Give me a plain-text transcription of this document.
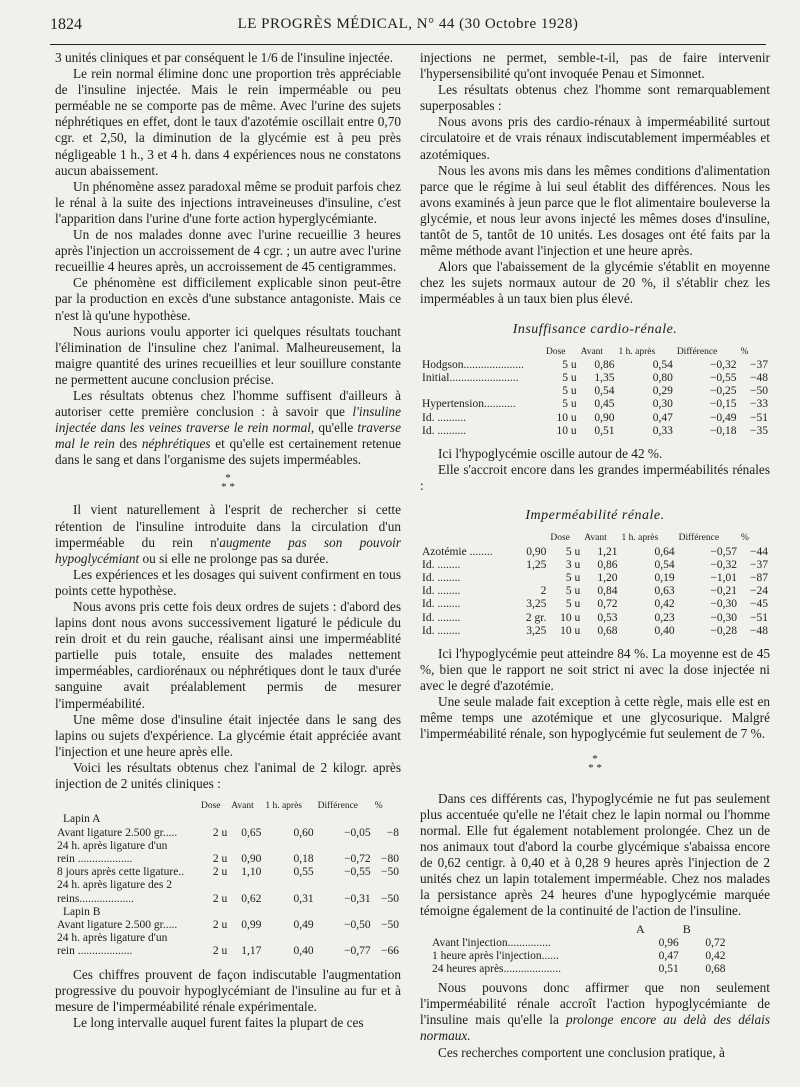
1824	LE PROGRÈS MÉDICAL, N° 44 (30 Octobre 1928)

3 unités cliniques et par conséquent le 1/6 de l'insuline injectée.

Le rein normal élimine donc une proportion très appréciable de l'insuline injectée. Mais le rein imperméable ou peu perméable ne se comporte pas de même. Avec l'urine des sujets néphrétiques en effet, dont le taux d'azotémie oscillait entre 0,70 cgr. et 2,50, la diminution de la glycémie est à peu près négligeable 1 h., 3 et 4 h. dans 4 expériences nous ne constatons aucun abaissement.

Un phénomène assez paradoxal même se produit parfois chez le rénal à la suite des injections intraveineuses d'insuline, c'est l'apparition dans l'urine d'une forte action hyperglycémiante.

Un de nos malades donne avec l'urine recueillie 3 heures après l'injection un accroissement de 4 cgr. ; un autre avec l'urine recueillie 4 heures après, un accroissement de 45 centigrammes.

Ce phénomène est difficilement explicable sinon peut-être par la production en excès d'une substance antagoniste. Mais ce n'est là qu'une hypothèse.

Nous aurions voulu apporter ici quelques résultats touchant l'élimination de l'insuline chez l'animal. Malheureusement, la maigre quantité des urines recueillies et leur souillure constante ne permettent aucune conclusion précise.

Les résultats obtenus chez l'homme suffisent d'ailleurs à autoriser cette première conclusion : à savoir que l'insuline injectée dans les veines traverse le rein normal, qu'elle traverse mal le rein des néphrétiques et qu'elle est certainement retenue dans le sang et dans l'organisme des sujets imperméables.

*
* *

Il vient naturellement à l'esprit de rechercher si cette rétention de l'insuline introduite dans la circulation d'un imperméable du rein n'augmente pas son pouvoir hypoglycémiant ou si elle ne prolonge pas sa durée.

Les expériences et les dosages qui suivent confirment en tous points cette hypothèse.

Nous avons pris cette fois deux ordres de sujets : d'abord des lapins dont nous avons successivement ligaturé le pédicule du rein droit et du rein gauche, réalisant ainsi une imperméablité partielle puis totale, ensuite des malades nettement imperméables, cardiorénaux ou néphrétiques dont le taux d'urée sanguine avait préalablement permis de mesurer l'imperméabilité.

Une même dose d'insuline était injectée dans le sang des lapins ou sujets d'expérience. La glycémie était appréciée avant l'injection et une heure après elle.

Voici les résultats obtenus chez l'animal de 2 kilogr. après injection de 2 unités cliniques :

	Dose	Avant	1 h. après	Différence	%
Lapin A					

Avant ligature 2.500 gr.....	2 u	0,65	0,60	−0,05	−8

24 h. après ligature d'un
rein ...................	2 u	0,90	0,18	−0,72	−80

8 jours après cette ligature..	2 u	1,10	0,55	−0,55	−50

24 h. après ligature des 2
reins...................	2 u	0,62	0,31	−0,31	−50
Lapin B					

Avant ligature 2.500 gr.....	2 u	0,99	0,49	−0,50	−50

24 h. après ligature d'un
rein ...................	2 u	1,17	0,40	−0,77	−66

Ces chiffres prouvent de façon indiscutable l'augmentation progressive du pouvoir hypoglycémiant de l'insuline au fur et à mesure de l'imperméabilité rénale expérimentale.

Le long intervalle auquel furent faites la plupart de ces

injections ne permet, semble-t-il, pas de faire intervenir l'hypersensibilité qu'ont invoquée Penau et Simonnet.

Les résultats obtenus chez l'homme sont remarquablement superposables :

Nous avons pris des cardio-rénaux à imperméabilité surtout circulatoire et de vrais rénaux indiscutablement imperméables et azotémiques.

Nous les avons mis dans les mêmes conditions d'alimentation parce que le régime à lui seul établit des différences. Nous les avons examinés à jeun parce que le flot alimentaire bouleverse la glycémie, et nous leur avons injecté les mêmes doses d'insuline, tantôt de 5, tantôt de 10 unités. Les dosages ont été faits par la même méthode avant l'injection et une heure après.

Alors que l'abaissement de la glycémie s'établit en moyenne chez les sujets normaux autour de 20 %, il s'établir chez les imperméables à un taux bien plus élevé.

Insuffisance cardio-rénale.
	Dose	Avant	1 h. après	Différence	%
Hodgson.....................	5 u	0,86	0,54	−0,32	−37
Initial........................	5 u	1,35	0,80	−0,55	−48
	5 u	0,54	0,29	−0,25	−50
Hypertension...........	5 u	0,45	0,30	−0,15	−33
Id. ..........	10 u	0,90	0,47	−0,49	−51
Id. ..........	10 u	0,51	0,33	−0,18	−35

Ici l'hypoglycémie oscille autour de 42 %.

Elle s'accroit encore dans les grandes imperméabilités rénales :

Imperméabilité rénale.
		Dose	Avant	1 h. après	Différence	%
Azotémie ........	0,90	5 u	1,21	0,64	−0,57	−44
Id. ........	1,25	3 u	0,86	0,54	−0,32	−37
Id. ........		5 u	1,20	0,19	−1,01	−87
Id. ........	2	5 u	0,84	0,63	−0,21	−24
Id. ........	3,25	5 u	0,72	0,42	−0,30	−45
Id. ........	2 gr.	10 u	0,53	0,23	−0,30	−51
Id. ........	3,25	10 u	0,68	0,40	−0,28	−48

Ici l'hypoglycémie peut atteindre 84 %. La moyenne est de 45 %, bien que le rapport ne soit strict ni avec la dose injectée ni avec le degré d'azotémie.

Une seule malade fait exception à cette règle, mais elle est en même temps une azotémique et une glycosurique. Malgré l'imperméabilité rénale, son hypoglycémie fut seulement de 7 %.

*
* *

Dans ces différents cas, l'hypoglycémie ne fut pas seulement plus accentuée qu'elle ne l'était chez le lapin normal ou l'homme normal. Elle fut également notablement prolongée. Chez un de nos animaux tout d'abord la courbe glycémique s'abaissa encore de 0,62 centigr. à 0,40 et à 0,28 9 heures après l'injection de 2 unités chez un lapin totalement imperméable. Chez nos malades la persistance après 24 heures d'une hypoglycémie marquée témoigne également de la continuité de l'action de l'insuline.

	A	B
Avant l'injection...............	0,96	0,72
1 heure après l'injection......	0,47	0,42
24 heures après....................	0,51	0,68

Nous pouvons donc affirmer que non seulement l'imperméabilité rénale accroît l'action hypoglycémiante de l'insuline mais qu'elle la prolonge encore au delà des délais normaux.

Ces recherches comportent une conclusion pratique, à
